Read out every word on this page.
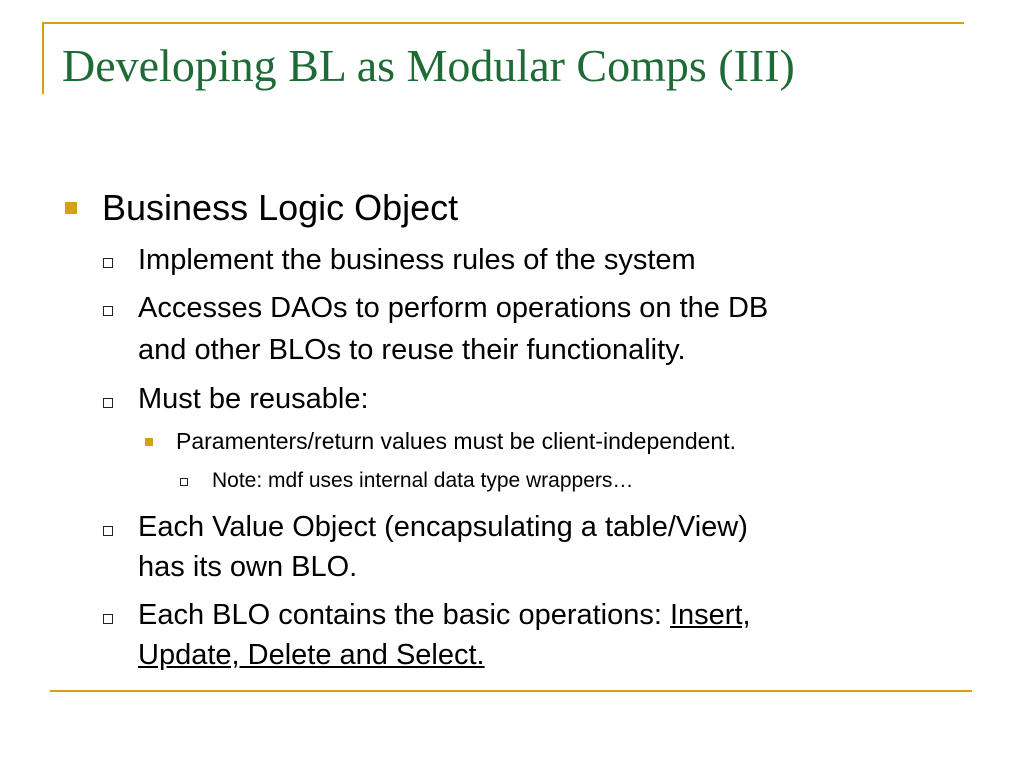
Developing BL as Modular Comps (III)

Business Logic Object

Implement the business rules of the system

Accesses DAOs to perform operations on the DB

and other BLOs to reuse their functionality.

Must be reusable:

Paramenters/return values must be client-independent.

Note: mdf uses internal data type wrappers…

Each Value Object (encapsulating a table/View)

has its own BLO.

Each BLO contains the basic operations: Insert,

Update, Delete and Select.
